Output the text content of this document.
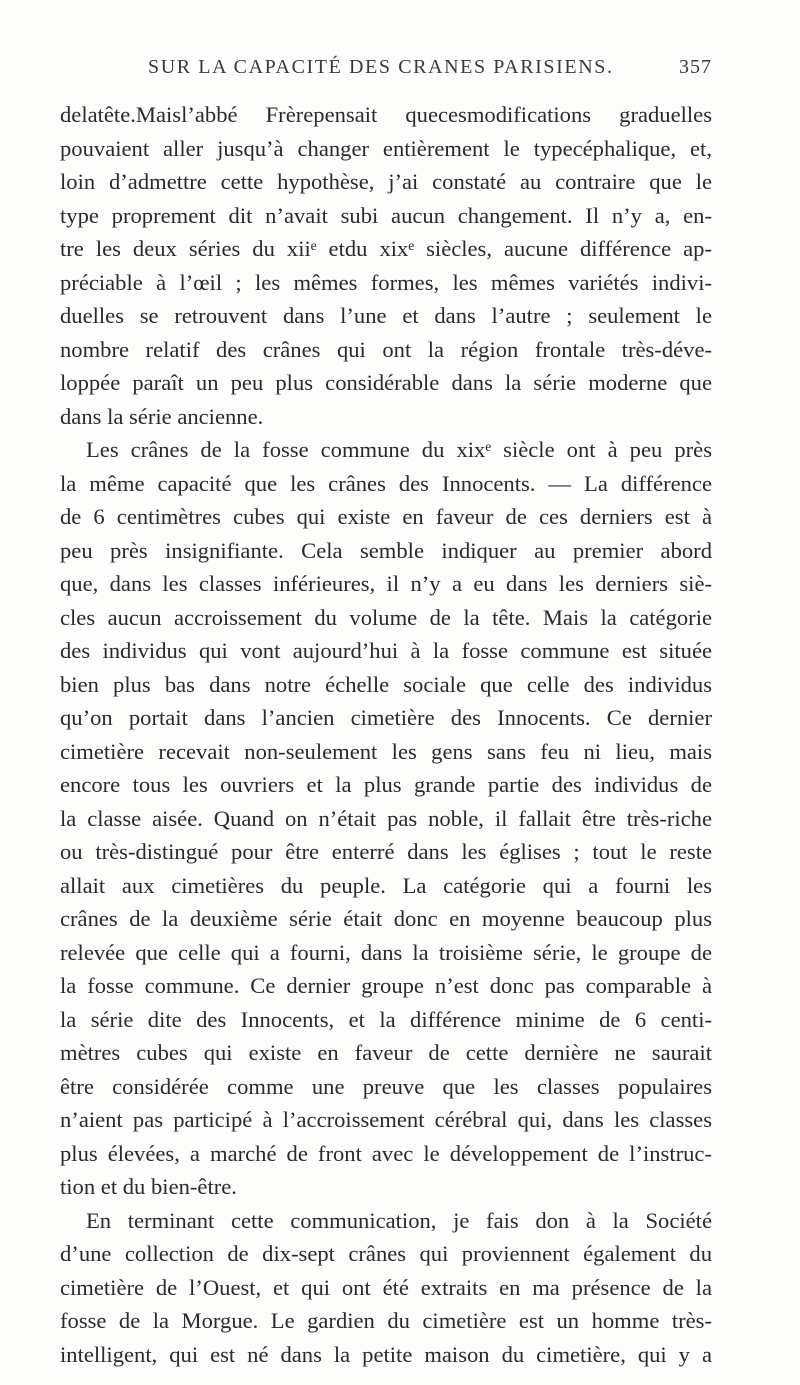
SUR LA CAPACITÉ DES CRANES PARISIENS.	357
delatête.Maisl’abbé Frèrepensait quecesmodifications graduelles
pouvaient aller jusqu’à changer entièrement le typecéphalique, et,
loin d’admettre cette hypothèse, j’ai constaté au contraire que le
type proprement dit n’avait subi aucun changement. Il n’y a, en-
tre les deux séries du xiiᵉ etdu xixᵉ siècles, aucune différence ap-
préciable à l’œil ; les mêmes formes, les mêmes variétés indivi-
duelles se retrouvent dans l’une et dans l’autre ; seulement le
nombre relatif des crânes qui ont la région frontale très-déve-
loppée paraît un peu plus considérable dans la série moderne que
dans la série ancienne.
Les crânes de la fosse commune du xixᵉ siècle ont à peu près
la même capacité que les crânes des Innocents. — La différence
de 6 centimètres cubes qui existe en faveur de ces derniers est à
peu près insignifiante. Cela semble indiquer au premier abord
que, dans les classes inférieures, il n’y a eu dans les derniers siè-
cles aucun accroissement du volume de la tête. Mais la catégorie
des individus qui vont aujourd’hui à la fosse commune est située
bien plus bas dans notre échelle sociale que celle des individus
qu’on portait dans l’ancien cimetière des Innocents. Ce dernier
cimetière recevait non-seulement les gens sans feu ni lieu, mais
encore tous les ouvriers et la plus grande partie des individus de
la classe aisée. Quand on n’était pas noble, il fallait être très-riche
ou très-distingué pour être enterré dans les églises ; tout le reste
allait aux cimetières du peuple. La catégorie qui a fourni les
crânes de la deuxième série était donc en moyenne beaucoup plus
relevée que celle qui a fourni, dans la troisième série, le groupe de
la fosse commune. Ce dernier groupe n’est donc pas comparable à
la série dite des Innocents, et la différence minime de 6 centi-
mètres cubes qui existe en faveur de cette dernière ne saurait
être considérée comme une preuve que les classes populaires
n’aient pas participé à l’accroissement cérébral qui, dans les classes
plus élevées, a marché de front avec le développement de l’instruc-
tion et du bien-être.
En terminant cette communication, je fais don à la Société
d’une collection de dix-sept crânes qui proviennent également du
cimetière de l’Ouest, et qui ont été extraits en ma présence de la
fosse de la Morgue. Le gardien du cimetière est un homme très-
intelligent, qui est né dans la petite maison du cimetière, qui y a
